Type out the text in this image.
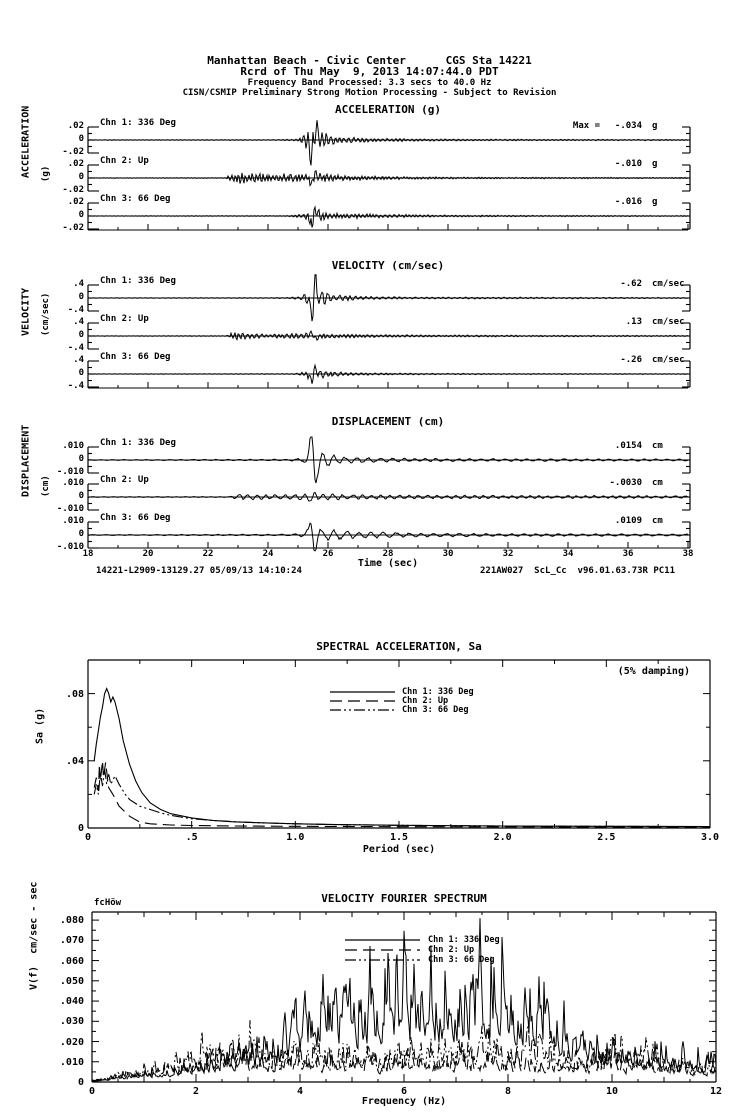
Manhattan Beach - Civic Center      CGS Sta 14221
Rcrd of Thu May  9, 2013 14:07:44.0 PDT
Frequency Band Processed: 3.3 secs to 40.0 Hz
CISN/CSMIP Preliminary Strong Motion Processing - Subject to Revision
ACCELERATION (g)
VELOCITY (cm/sec)
DISPLACEMENT (cm)
ACCELERATION (g)
VELOCITY (cm/sec)
DISPLACEMENT (cm)
Time (sec)
14221-L2909-13129.27 05/09/13 14:10:24	221AW027  ScL_Cc  v96.01.63.73R PC11
SPECTRAL ACCELERATION, Sa
(5% damping)
Sa (g)
Period (sec)
VELOCITY FOURIER SPECTRUM
fcHöw
V(f)  cm/sec - sec
Frequency (Hz)
.02
0
-.02
Chn 1: 336 Deg	Max =	-.034 g
.02
0
-.02
Chn 2: Up	-.010 g
.02
0
-.02
Chn 3: 66 Deg	-.016 g
.4
0
-.4
Chn 1: 336 Deg	-.62 cm/sec
.4
0
-.4
Chn 2: Up	.13 cm/sec
.4
0
-.4
Chn 3: 66 Deg	-.26 cm/sec
.010
0
-.010
Chn 1: 336 Deg	.0154 cm
.010
0
-.010
Chn 2: Up	-.0030 cm
.010
0
-.010
Chn 3: 66 Deg	.0109 cm
18	20	22	24	26	28	30	32	34	36	38
0
.04
.08
0	.5	1.0	1.5	2.0	2.5	3.0
Chn 1: 336 Deg
Chn 2: Up
Chn 3: 66 Deg
0
.010
.020
.030
.040
.050
.060
.070
.080
0	2	4	6	8	10	12
Chn 1: 336 Deg
Chn 2: Up
Chn 3: 66 Deg
